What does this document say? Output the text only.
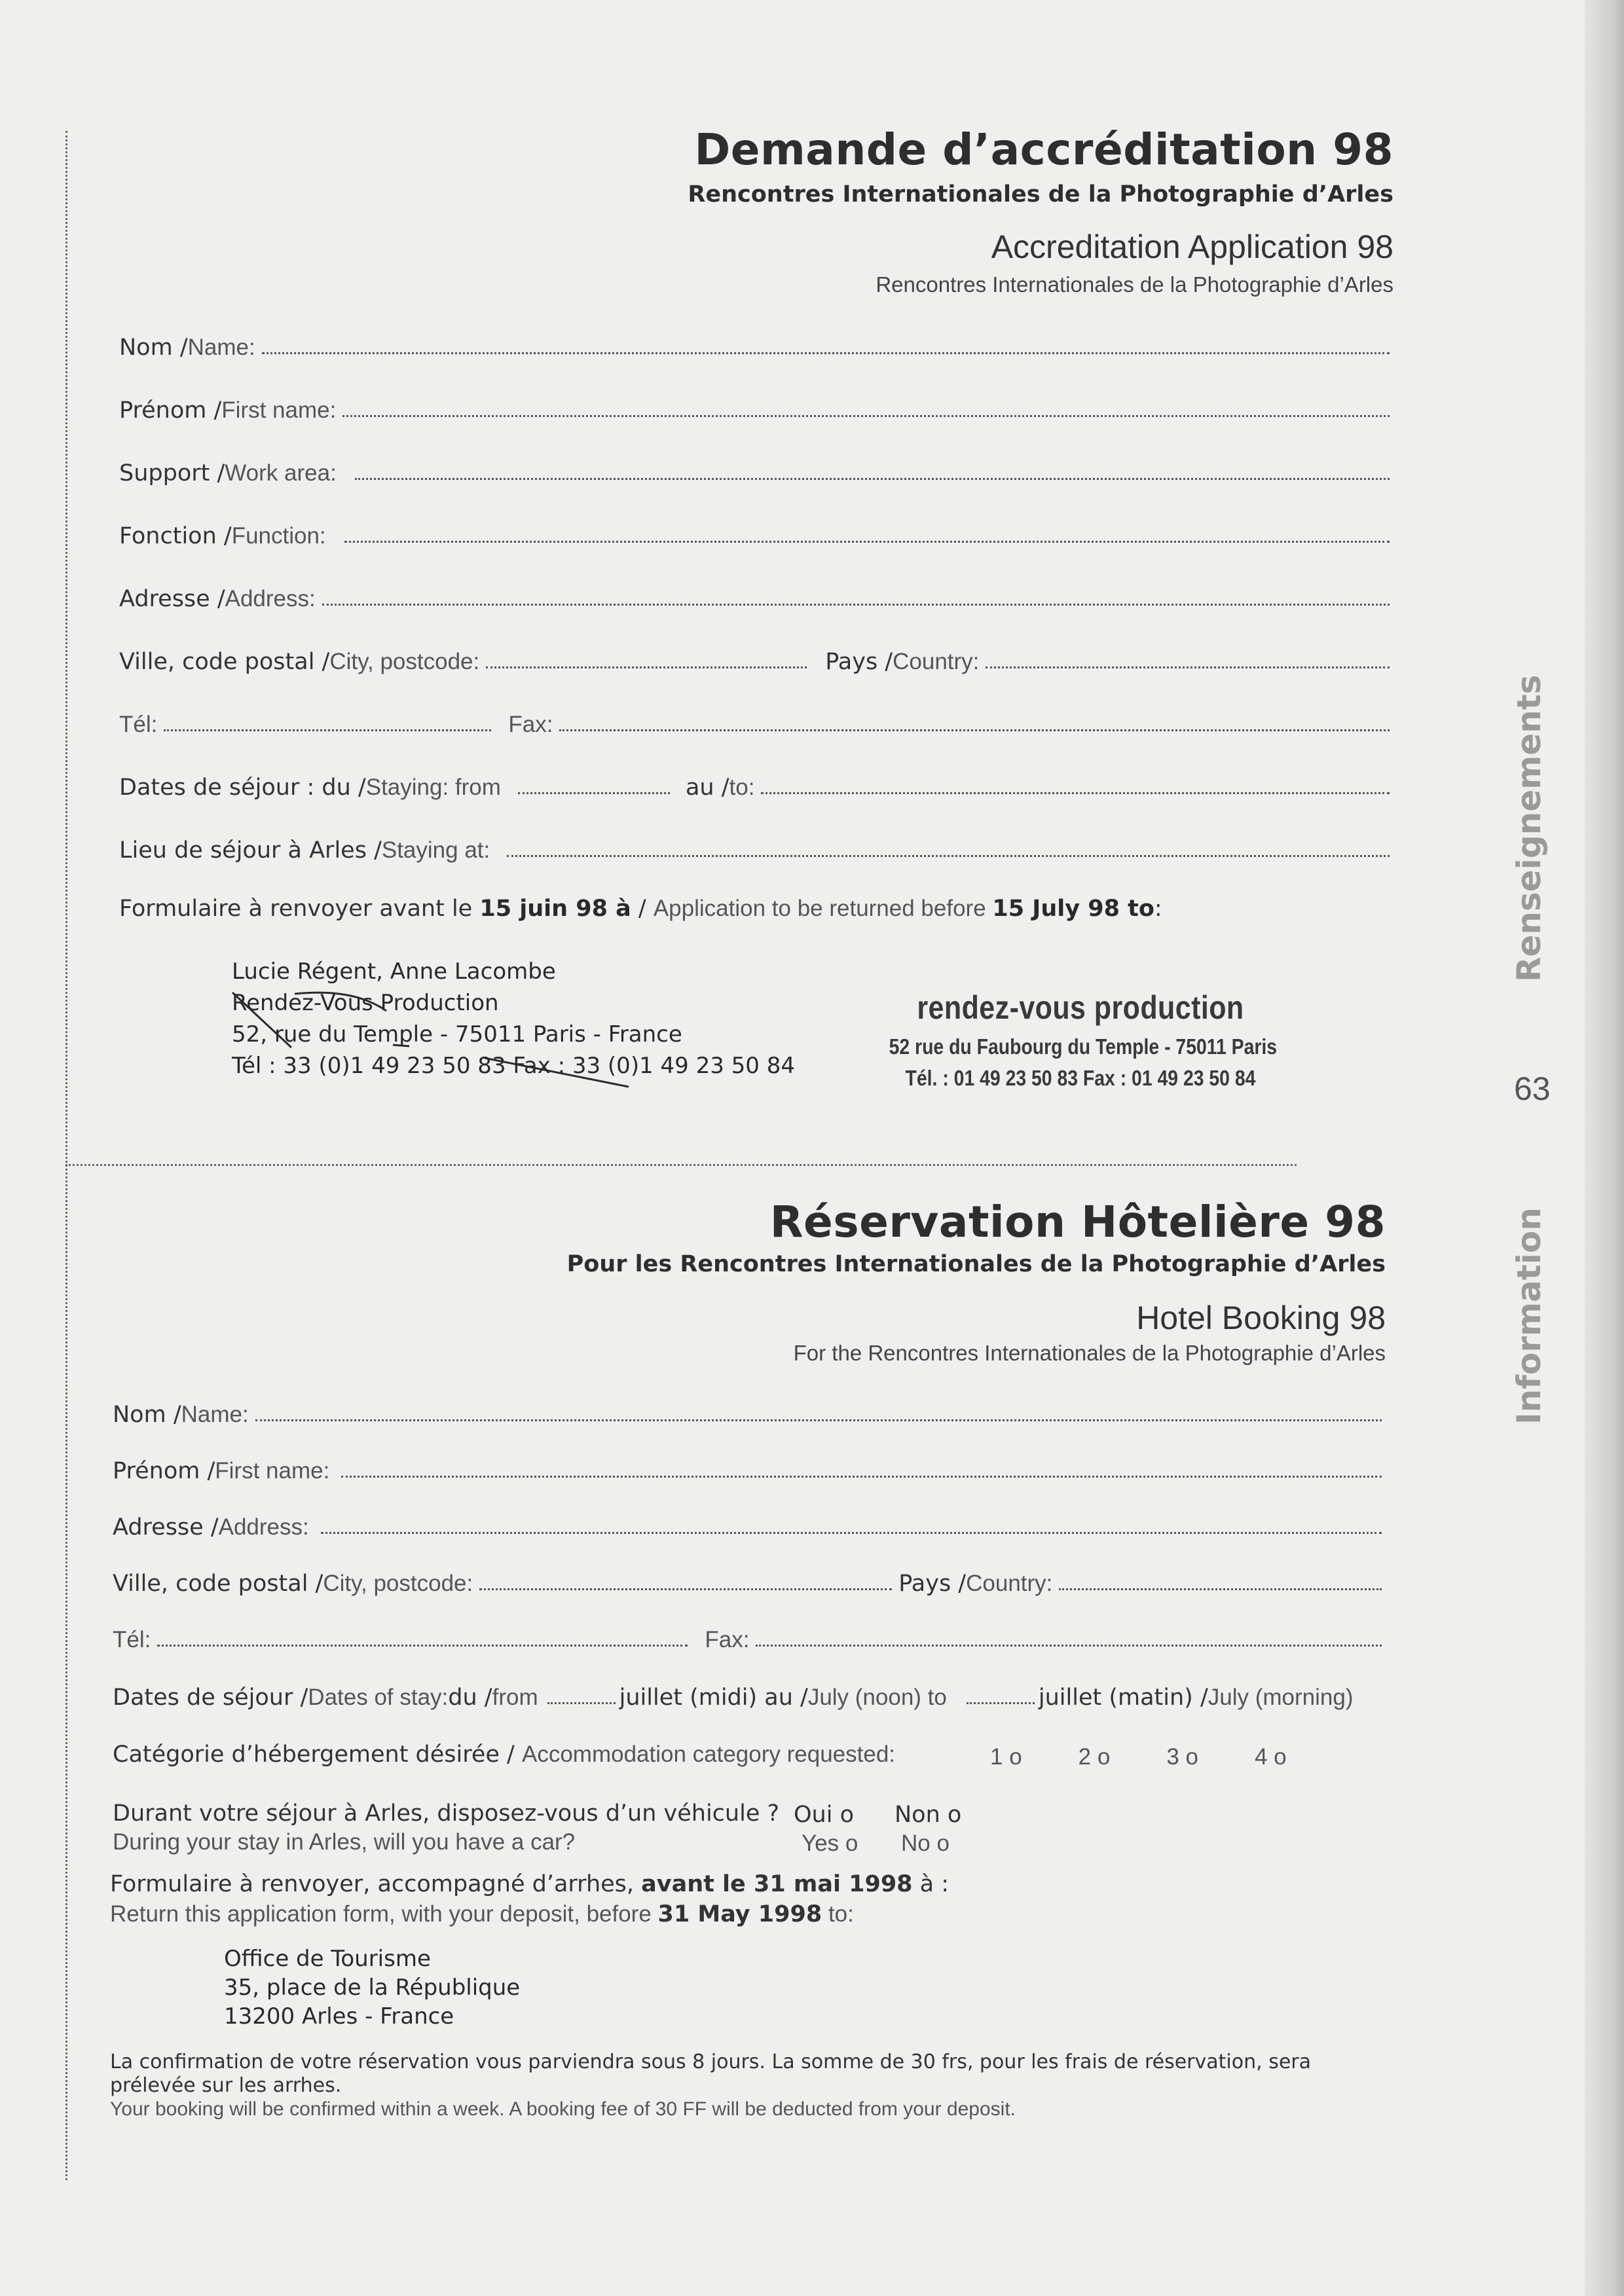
Demande d’accréditation 98
Rencontres Internationales de la Photographie d’Arles
Accreditation Application 98
Rencontres Internationales de la Photographie d’Arles
Nom / Name:
Prénom / First name:
Support / Work area:
Fonction / Function:
Adresse / Address:
Ville, code postal / City, postcode:	Pays / Country:
Tél:	Fax:
Dates de séjour : du / Staying: from	au / to:
Lieu de séjour à Arles / Staying at:
Formulaire à renvoyer avant le 15 juin 98 à / Application to be returned before 15 July 98 to:
Lucie Régent, Anne Lacombe
Rendez-Vous Production
52, rue du Temple - 75011 Paris - France
Tél : 33 (0)1 49 23 50 83 Fax : 33 (0)1 49 23 50 84
rendez-vous production
52 rue du Faubourg du Temple - 75011 Paris
Tél. : 01 49 23 50 83 Fax : 01 49 23 50 84
Réservation Hôtelière 98
Pour les Rencontres Internationales de la Photographie d’Arles
Hotel Booking 98
For the Rencontres Internationales de la Photographie d’Arles
Nom / Name:
Prénom / First name:
Adresse / Address:
Ville, code postal / City, postcode:	Pays / Country:
Tél:	Fax:
Dates de séjour / Dates of stay: du / from	juillet (midi) au / July (noon) to	juillet (matin) / July (morning)
Catégorie d’hébergement désirée / Accommodation category requested:	1 o 2 o 3 o 4 o
Durant votre séjour à Arles, disposez-vous d’un véhicule ?
During your stay in Arles, will you have a car?
Oui o Non o
Yes o No o
Formulaire à renvoyer, accompagné d’arrhes, avant le 31 mai 1998 à :
Return this application form, with your deposit, before 31 May 1998 to:
Office de Tourisme
35, place de la République
13200 Arles - France
La confirmation de votre réservation vous parviendra sous 8 jours. La somme de 30 frs, pour les frais de réservation, sera
prélevée sur les arrhes.
Your booking will be confirmed within a week. A booking fee of 30 FF will be deducted from your deposit.
Renseignements
63
Information
